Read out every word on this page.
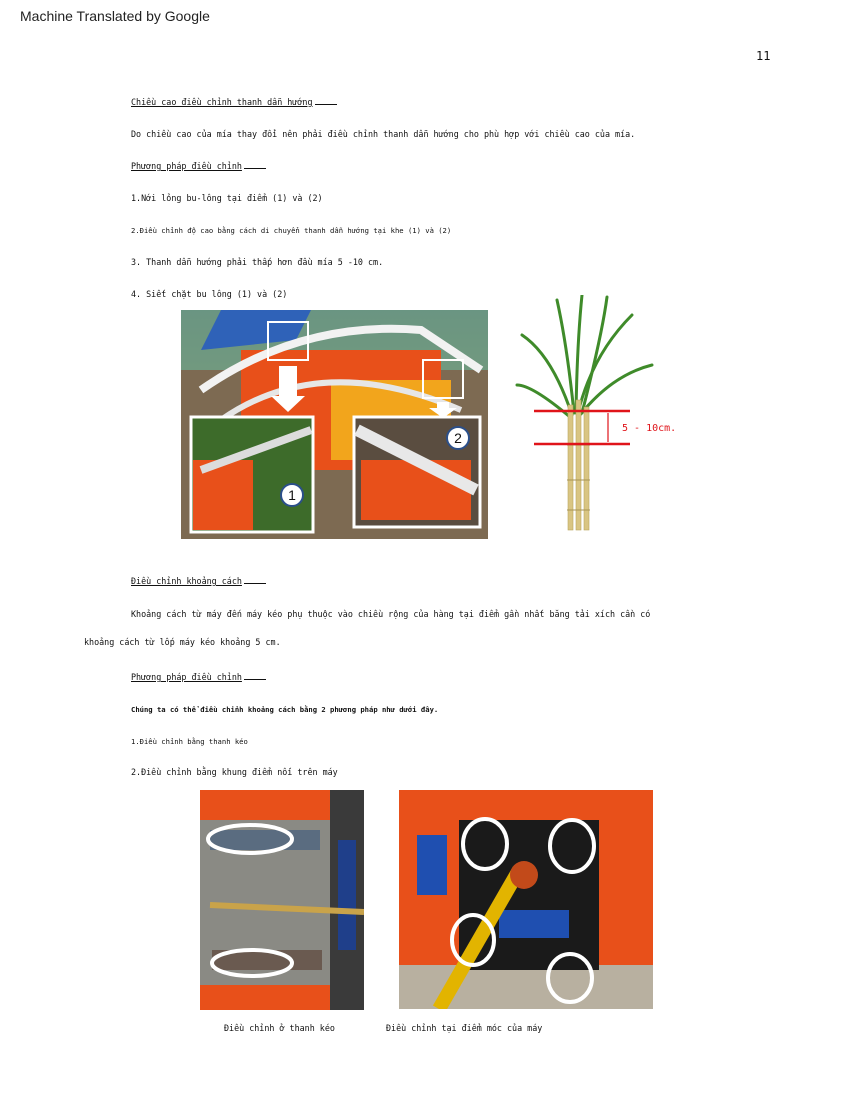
Machine Translated by Google
11
Chiều cao điều chỉnh thanh dẫn hướng
Do chiều cao của mía thay đổi nên phải điều chỉnh thanh dẫn hướng cho phù hợp với chiều cao của mía.
Phương pháp điều chỉnh
1.Nới lỏng bu-lông tại điểm (1) và (2)
2.Điều chỉnh độ cao bằng cách di chuyển thanh dẫn hướng tại khe (1) và (2)
3. Thanh dẫn hướng phải thấp hơn đầu mía 5 -10 cm.
4. Siết chặt bu lông (1) và (2)
1
2
5 - 10cm.
Điều chỉnh khoảng cách
Khoảng cách từ máy đến máy kéo phụ thuộc vào chiều rộng của hàng tại điểm gần nhất băng tải xích cần có
khoảng cách từ lốp máy kéo khoảng 5 cm.
Phương pháp điều chỉnh
Chúng ta có thể điều chỉnh khoảng cách bằng 2 phương pháp như dưới đây.
1.Điều chỉnh bằng thanh kéo
2.Điều chỉnh bằng khung điểm nối trên máy
Điều chỉnh ở thanh kéo	Điều chỉnh tại điểm móc của máy
